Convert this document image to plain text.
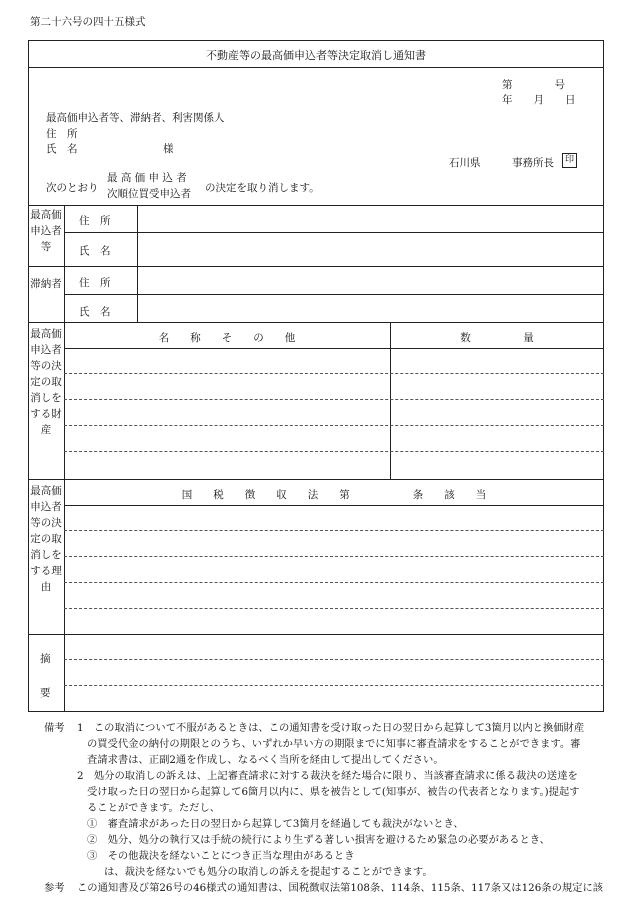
第二十六号の四十五様式
不動産等の最高価申込者等決定取消し通知書
第　　　　号
年　　月　　日
最高価申込者等、滞納者、利害関係人
住　所
氏　名	様
石川県	事務所長	印
次のとおり
最 高 価 申 込 者
次順位買受申込者 の決定を取り消します。
最高価申込者等
住　所
氏　名
滞納者 住　所
氏　名
最高価申込者等の決定の取消しをする財産
名　　称　　そ　　の　　他	数　　　　　量
最高価申込者等の決定の取消しをする理由
国　　税　　徴　　収　　法　　第　　　　　　条　　該　　当
摘
要
備考 1　この取消について不服があるときは、この通知書を受け取った日の翌日から起算して3箇月以内と換価財産
の買受代金の納付の期限とのうち、いずれか早い方の期限までに知事に審査請求をすることができます。審
査請求書は、正副2通を作成し、なるべく当所を経由して提出してください。
2　処分の取消しの訴えは、上記審査請求に対する裁決を経た場合に限り、当該審査請求に係る裁決の送達を
受け取った日の翌日から起算して6箇月以内に、県を被告として(知事が、被告の代表者となります。)提起す
ることができます。ただし、
①　審査請求があった日の翌日から起算して3箇月を経過しても裁決がないとき、
②　処分、処分の執行又は手続の続行により生ずる著しい損害を避けるため緊急の必要があるとき、
③　その他裁決を経ないことにつき正当な理由があるとき
は、裁決を経ないでも処分の取消しの訴えを提起することができます。
参考 この通知書及び第26号の46様式の通知書は、国税徴収法第108条、114条、115条、117条又は126条の規定に該
